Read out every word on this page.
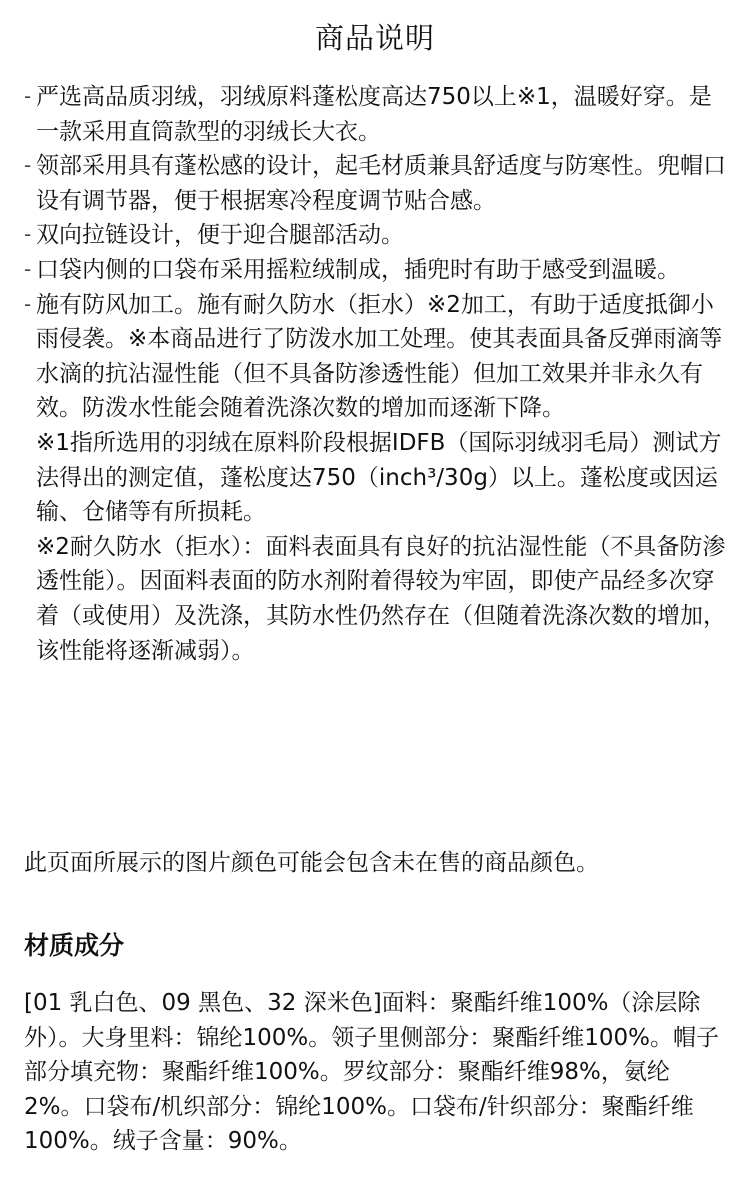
商品说明
- 严选高品质羽绒，羽绒原料蓬松度高达750以上※1，温暖好穿。是一款采用直筒款型的羽绒长大衣。
- 领部采用具有蓬松感的设计，起毛材质兼具舒适度与防寒性。兜帽口设有调节器，便于根据寒冷程度调节贴合感。
- 双向拉链设计，便于迎合腿部活动。
- 口袋内侧的口袋布采用摇粒绒制成，插兜时有助于感受到温暖。
- 施有防风加工。施有耐久防水（拒水）※2加工，有助于适度抵御小雨侵袭。※本商品进行了防泼水加工处理。使其表面具备反弹雨滴等水滴的抗沾湿性能（但不具备防渗透性能）但加工效果并非永久有效。防泼水性能会随着洗涤次数的增加而逐渐下降。
※1指所选用的羽绒在原料阶段根据IDFB（国际羽绒羽毛局）测试方法得出的测定值，蓬松度达750（inch³/30g）以上。蓬松度或因运输、仓储等有所损耗。
※2耐久防水（拒水）：面料表面具有良好的抗沾湿性能（不具备防渗透性能）。因面料表面的防水剂附着得较为牢固，即使产品经多次穿着（或使用）及洗涤，其防水性仍然存在（但随着洗涤次数的增加，该性能将逐渐减弱）。
此页面所展示的图片颜色可能会包含未在售的商品颜色。
材质成分
[01 乳白色、09 黑色、32 深米色]面料：聚酯纤维100%（涂层除外）。大身里料：锦纶100%。领子里侧部分：聚酯纤维100%。帽子部分填充物：聚酯纤维100%。罗纹部分：聚酯纤维98%，氨纶2%。口袋布/机织部分：锦纶100%。口袋布/针织部分：聚酯纤维100%。绒子含量：90%。
